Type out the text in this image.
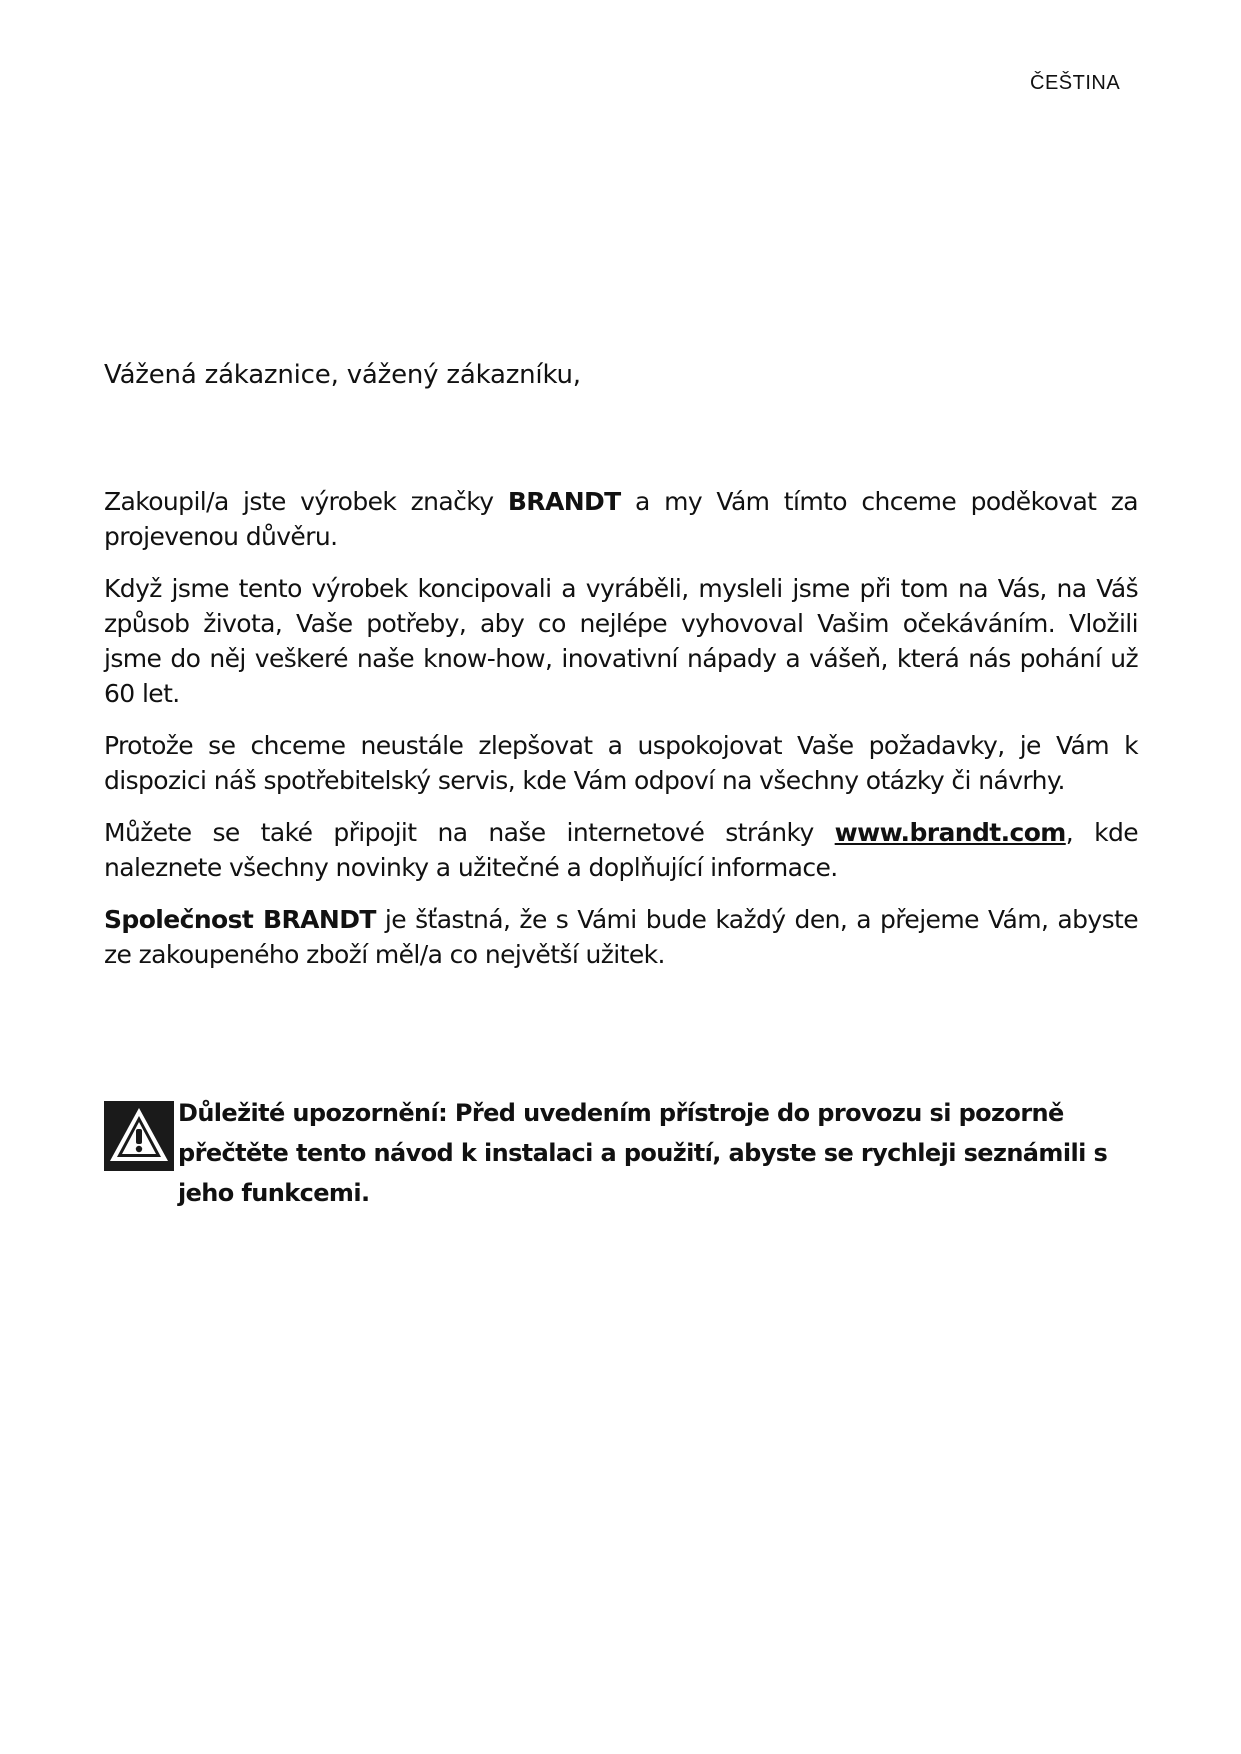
ČEŠTINA
Vážená zákaznice, vážený zákazníku,

Zakoupil/a jste výrobek značky BRANDT a my Vám tímto chceme poděkovat za projevenou důvěru.

Když jsme tento výrobek koncipovali a vyráběli, mysleli jsme při tom na Vás, na Váš způsob života, Vaše potřeby, aby co nejlépe vyhovoval Vašim očekáváním. Vložili jsme do něj veškeré naše know-how, inovativní nápady a vášeň, která nás pohání už 60 let.

Protože se chceme neustále zlepšovat a uspokojovat Vaše požadavky, je Vám k dispozici náš spotřebitelský servis, kde Vám odpoví na všechny otázky či návrhy.

Můžete se také připojit na naše internetové stránky www.brandt.com, kde naleznete všechny novinky a užitečné a doplňující informace.

Společnost BRANDT je šťastná, že s Vámi bude každý den, a přejeme Vám, abyste ze zakoupeného zboží měl/a co největší užitek.

Důležité upozornění: Před uvedením přístroje do provozu si pozorně přečtěte tento návod k instalaci a použití, abyste se rychleji seznámili s jeho funkcemi.
